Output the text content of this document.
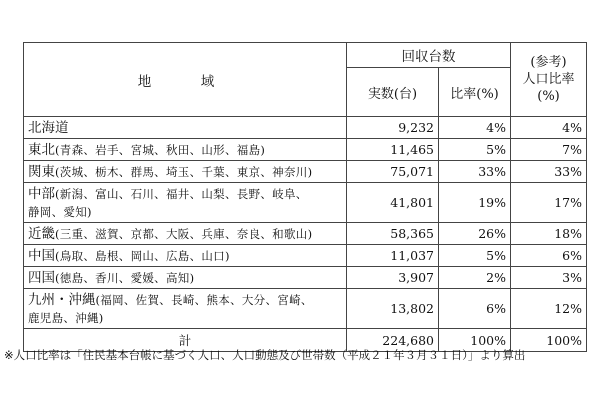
地　域	回収台数		(参考)
人口比率
(%)

	実数(台)	比率(%)	
北海道	9,232	4%	4%
東北(青森、岩手、宮城、秋田、山形、福島)	11,465	5%	7%
関東(茨城、栃木、群馬、埼玉、千葉、東京、神奈川)	75,071	33%	33%
中部(新潟、富山、石川、福井、山梨、長野、岐阜、
静岡、愛知)	41,801	19%	17%
近畿(三重、滋賀、京都、大阪、兵庫、奈良、和歌山)	58,365	26%	18%
中国(鳥取、島根、岡山、広島、山口)	11,037	5%	6%
四国(徳島、香川、愛媛、高知)	3,907	2%	3%
九州・沖縄(福岡、佐賀、長崎、熊本、大分、宮崎、
鹿児島、沖縄)	13,802	6%	12%
計	224,680	100%	100%
※人口比率は「住民基本台帳に基づく人口、人口動態及び世帯数（平成２１年３月３１日）」より算出
